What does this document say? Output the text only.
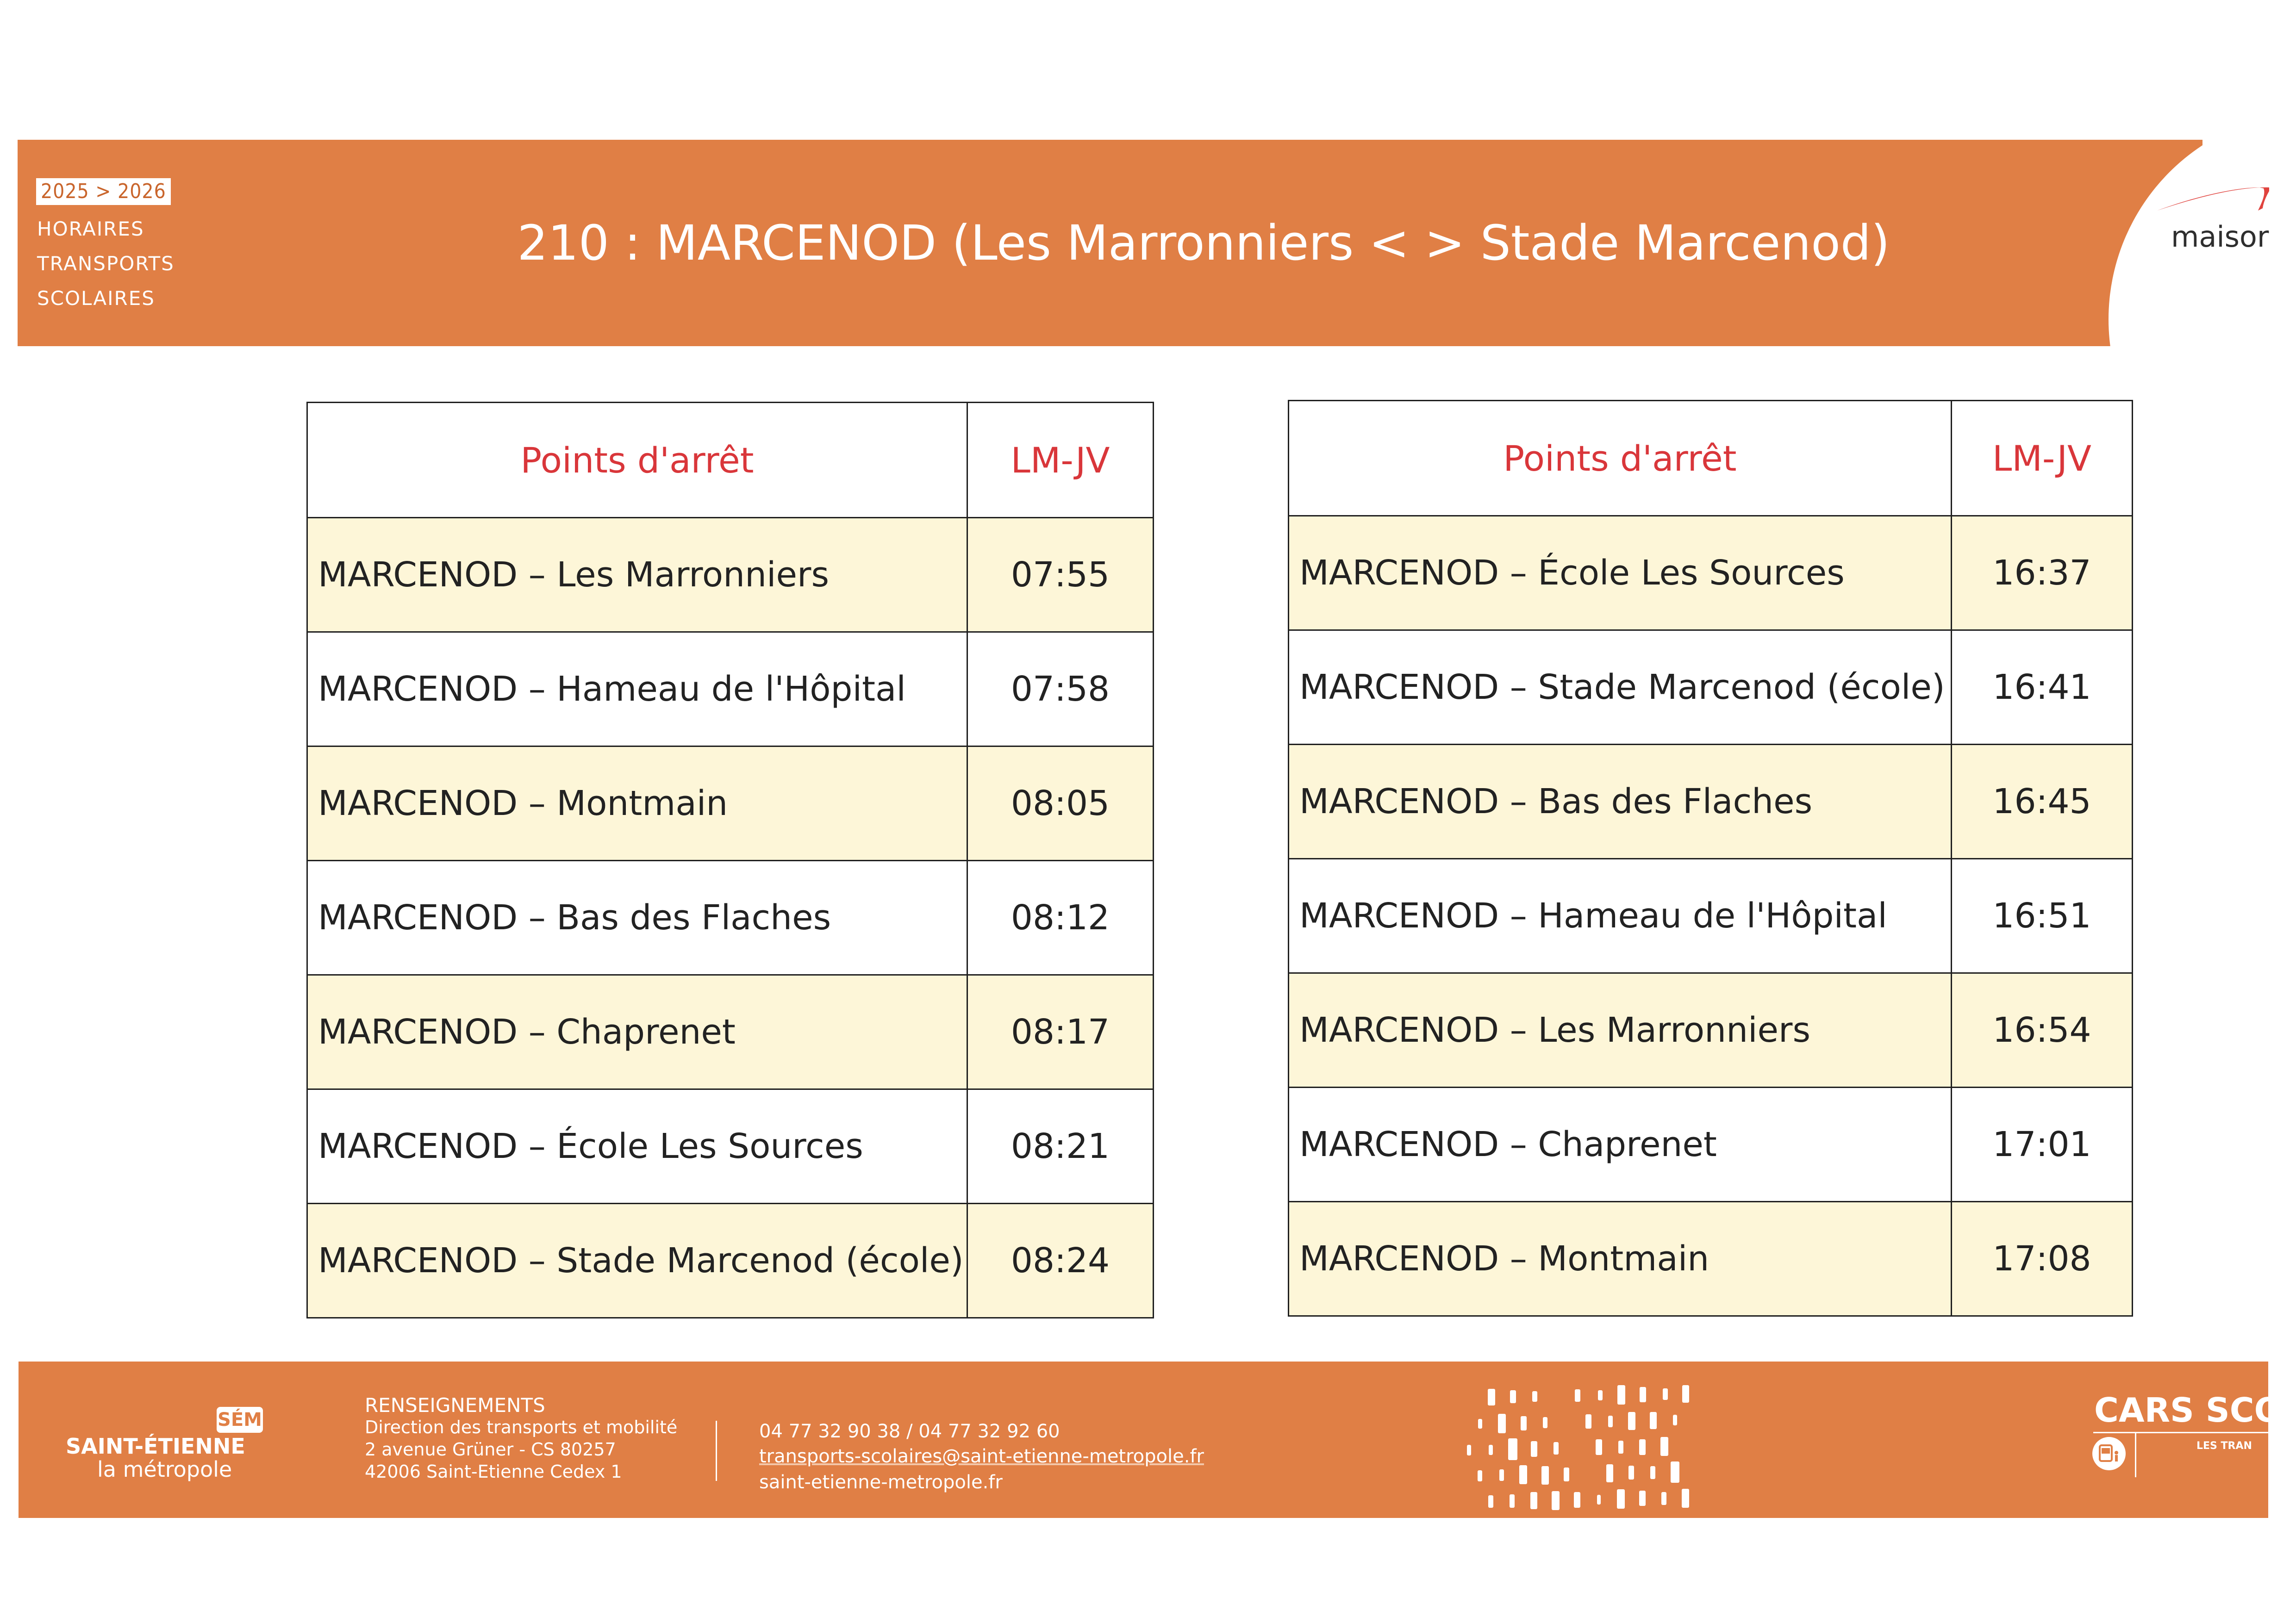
2025 > 2026
HORAIRES
TRANSPORTS
SCOLAIRES
210 : MARCENOD (Les Marronniers < > Stade Marcenod)	maisor
Points d'arrêt	LM-JV
MARCENOD – Les Marronniers	07:55
MARCENOD – Hameau de l'Hôpital	07:58
MARCENOD – Montmain	08:05
MARCENOD – Bas des Flaches	08:12
MARCENOD – Chaprenet	08:17
MARCENOD – École Les Sources	08:21
MARCENOD – Stade Marcenod (école)	08:24
Points d'arrêt	LM-JV
MARCENOD – École Les Sources	16:37
MARCENOD – Stade Marcenod (école)	16:41
MARCENOD – Bas des Flaches	16:45
MARCENOD – Hameau de l'Hôpital	16:51
MARCENOD – Les Marronniers	16:54
MARCENOD – Chaprenet	17:01
MARCENOD – Montmain	17:08
SÉM
SAINT-ÉTIENNE
la métropole
RENSEIGNEMENTS
Direction des transports et mobilité
2 avenue Grüner - CS 80257
42006 Saint-Etienne Cedex 1
04 77 32 90 38 / 04 77 32 92 60
transports-scolaires@saint-etienne-metropole.fr
saint-etienne-metropole.fr
CARS SCO
LES TRAN
